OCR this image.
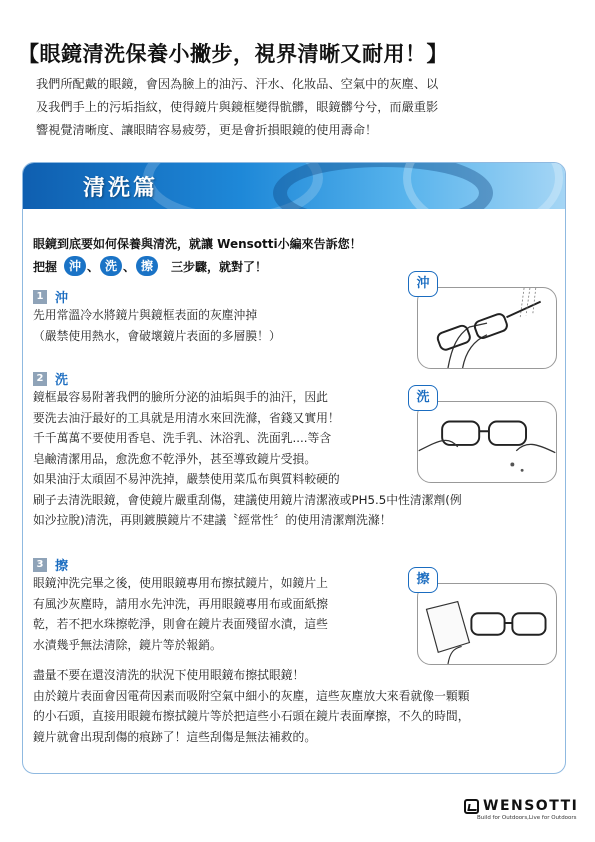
【眼鏡清洗保養小撇步，視界清晰又耐用！】
我們所配戴的眼鏡，會因為臉上的油污、汗水、化妝品、空氣中的灰塵、以
及我們手上的污垢指紋，使得鏡片與鏡框變得骯髒，眼鏡髒兮兮，而嚴重影
響視覺清晰度、讓眼睛容易疲勞，更是會折損眼鏡的使用壽命！
清洗篇
眼鏡到底要如何保養與清洗，就讓 Wensotti小編來告訴您！
把握 沖 、 洗 、 擦	三步驟，就對了！
1 沖
先用常溫冷水將鏡片與鏡框表面的灰塵沖掉
（嚴禁使用熱水，會破壞鏡片表面的多層膜！）
沖
2 洗
鏡框最容易附著我們的臉所分泌的油垢與手的油汗，因此
要洗去油汙最好的工具就是用清水來回洗滌，省錢又實用！
千千萬萬不要使用香皂、洗手乳、沐浴乳、洗面乳....等含
皂鹼清潔用品，愈洗愈不乾淨外，甚至導致鏡片受損。
如果油汙太頑固不易沖洗掉，嚴禁使用菜瓜布與質料較硬的
刷子去清洗眼鏡，會使鏡片嚴重刮傷，建議使用鏡片清潔液或PH5.5中性清潔劑(例
如沙拉脫)清洗，再則鍍膜鏡片不建議〝經常性〞的使用清潔劑洗滌！
洗
3 擦
眼鏡沖洗完畢之後，使用眼鏡專用布擦拭鏡片，如鏡片上
有風沙灰塵時，請用水先沖洗，再用眼鏡專用布或面紙擦
乾，若不把水珠擦乾淨，則會在鏡片表面殘留水漬，這些
水漬幾乎無法清除，鏡片等於報銷。
擦
盡量不要在還沒清洗的狀況下使用眼鏡布擦拭眼鏡！
由於鏡片表面會因電荷因素而吸附空氣中細小的灰塵，這些灰塵放大來看就像一顆顆
的小石頭，直接用眼鏡布擦拭鏡片等於把這些小石頭在鏡片表面摩擦，不久的時間，
鏡片就會出現刮傷的痕跡了！這些刮傷是無法補救的。
WENSOTTI
Build for Outdoors,Live for Outdoors
